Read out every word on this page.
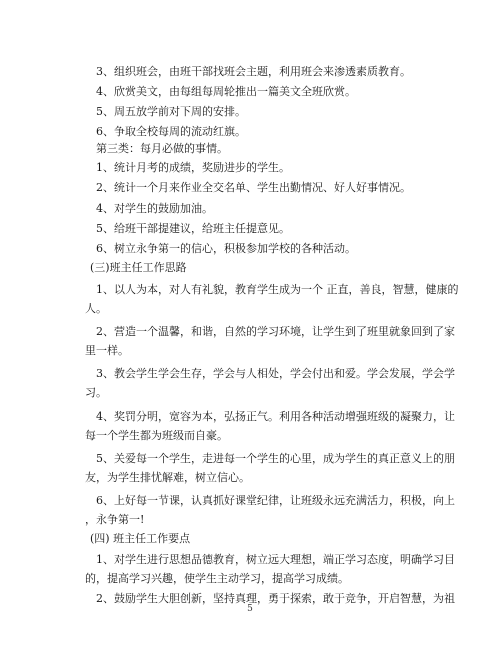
3、组织班会，由班干部找班会主题，利用班会来渗透素质教育。
4、欣赏美文，由每组每周轮推出一篇美文全班欣赏。
5、周五放学前对下周的安排。
6、争取全校每周的流动红旗。
第三类：每月必做的事情。
1、统计月考的成绩，奖励进步的学生。
2、统计一个月来作业全交名单、学生出勤情况、好人好事情况。
4、对学生的鼓励加油。
5、给班干部提建议，给班主任提意见。
6、树立永争第一的信心，积极参加学校的各种活动。
(三)班主任工作思路
1、以人为本，对人有礼貌，教育学生成为一个 正直，善良，智慧，健康的
人。
2、营造一个温馨，和谐，自然的学习环境，让学生到了班里就象回到了家
里一样。
3、教会学生学会生存，学会与人相处，学会付出和爱。学会发展，学会学
习。
4、奖罚分明，宽容为本，弘扬正气。利用各种活动增强班级的凝聚力，让
每一个学生都为班级而自豪。
5、关爱每一个学生，走进每一个学生的心里，成为学生的真正意义上的朋
友，为学生排忧解难，树立信心。
6、上好每一节课，认真抓好课堂纪律，让班级永远充满活力，积极，向上
，永争第一!
(四) 班主任工作要点
1、对学生进行思想品德教育，树立远大理想，端正学习态度，明确学习目
的，提高学习兴趣，使学生主动学习，提高学习成绩。
2、鼓励学生大胆创新，坚持真理，勇于探索，敢于竞争，开启智慧，为祖
5
